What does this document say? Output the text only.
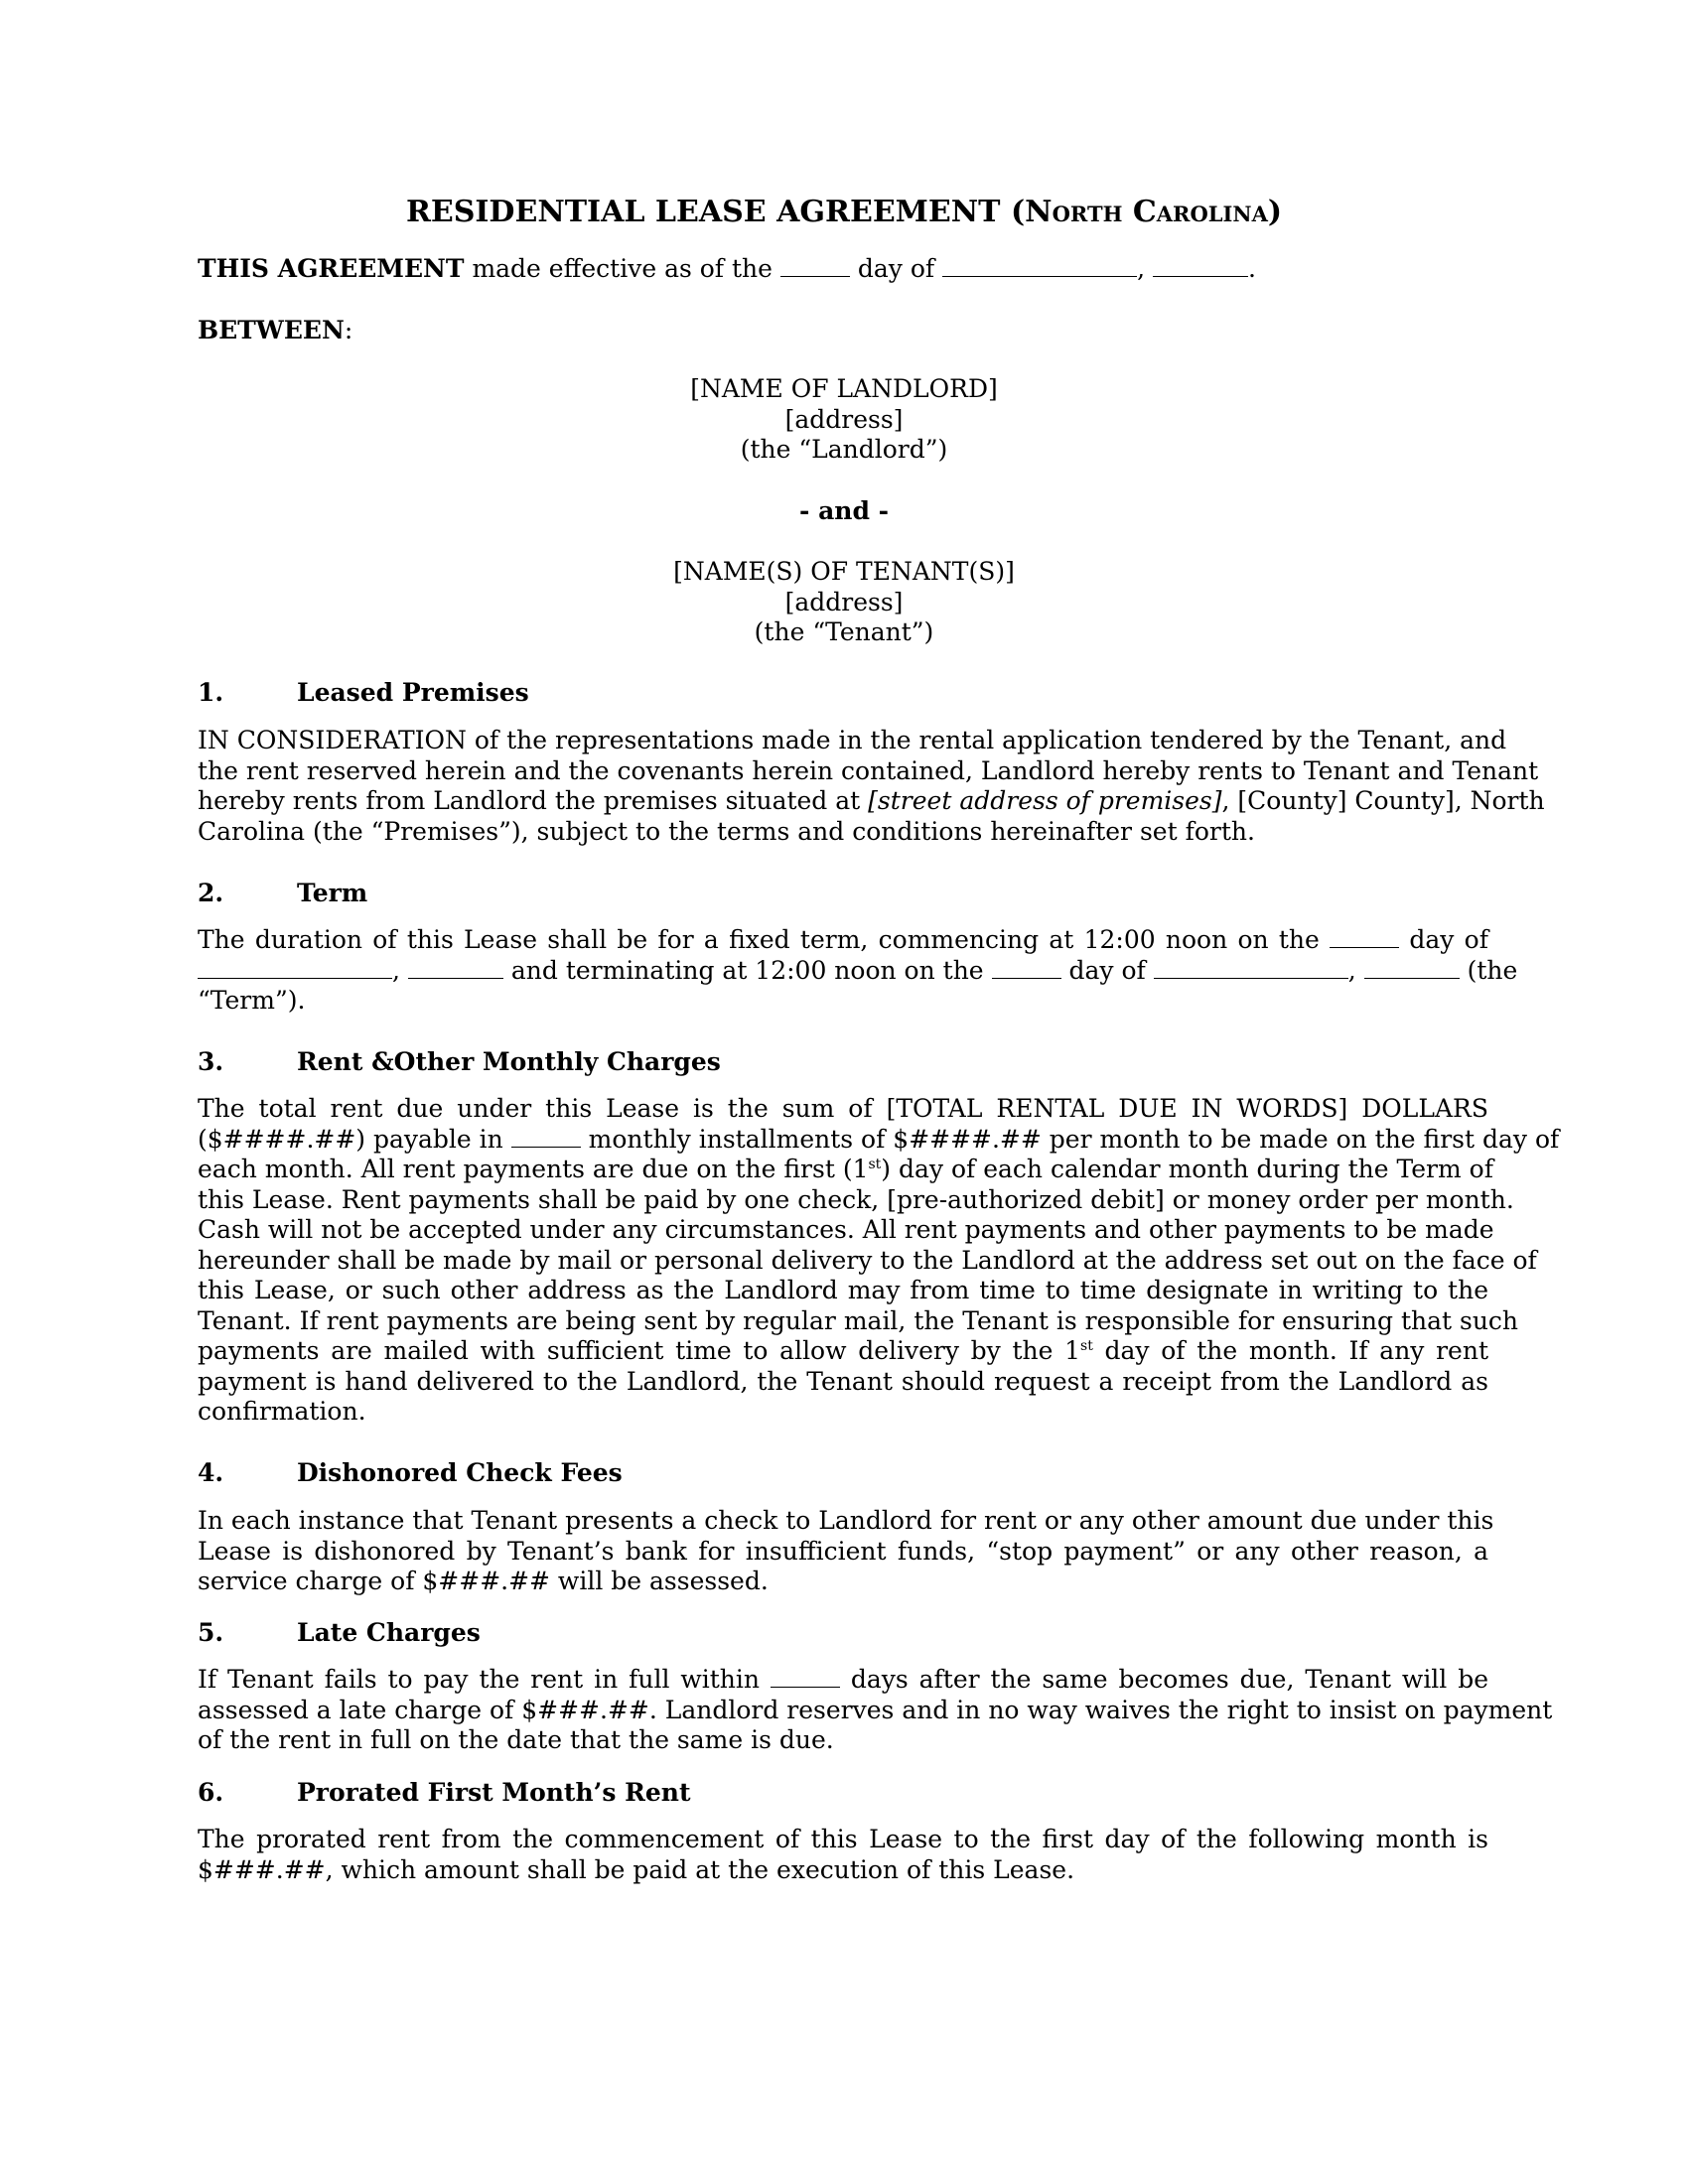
RESIDENTIAL LEASE AGREEMENT (North Carolina)
THIS AGREEMENT made effective as of the	day of	,	.
BETWEEN:
[NAME OF LANDLORD]
[address]
(the “Landlord”)
- and -
[NAME(S) OF TENANT(S)]
[address]
(the “Tenant”)
1.	Leased Premises
IN CONSIDERATION of the representations made in the rental application tendered by the Tenant, and
the rent reserved herein and the covenants herein contained, Landlord hereby rents to Tenant and Tenant
hereby rents from Landlord the premises situated at [street address of premises], [County] County], North
Carolina (the “Premises”), subject to the terms and conditions hereinafter set forth.
2.	Term
The duration of this Lease shall be for a fixed term, commencing at 12:00 noon on the	day of
,	and terminating at 12:00 noon on the	day of	,	(the
“Term”).
3.	Rent &Other Monthly Charges
The total rent due under this Lease is the sum of [TOTAL RENTAL DUE IN WORDS] DOLLARS
($####.##) payable in	monthly installments of $####.## per month to be made on the first day of
each month. All rent payments are due on the first (1st) day of each calendar month during the Term of
this Lease. Rent payments shall be paid by one check, [pre-authorized debit] or money order per month.
Cash will not be accepted under any circumstances. All rent payments and other payments to be made
hereunder shall be made by mail or personal delivery to the Landlord at the address set out on the face of
this Lease, or such other address as the Landlord may from time to time designate in writing to the
Tenant. If rent payments are being sent by regular mail, the Tenant is responsible for ensuring that such
payments are mailed with sufficient time to allow delivery by the 1st day of the month. If any rent
payment is hand delivered to the Landlord, the Tenant should request a receipt from the Landlord as
confirmation.
4.	Dishonored Check Fees
In each instance that Tenant presents a check to Landlord for rent or any other amount due under this
Lease is dishonored by Tenant’s bank for insufficient funds, “stop payment” or any other reason, a
service charge of $###.## will be assessed.
5.	Late Charges
If Tenant fails to pay the rent in full within	days after the same becomes due, Tenant will be
assessed a late charge of $###.##. Landlord reserves and in no way waives the right to insist on payment
of the rent in full on the date that the same is due.
6.	Prorated First Month’s Rent
The prorated rent from the commencement of this Lease to the first day of the following month is
$###.##, which amount shall be paid at the execution of this Lease.
